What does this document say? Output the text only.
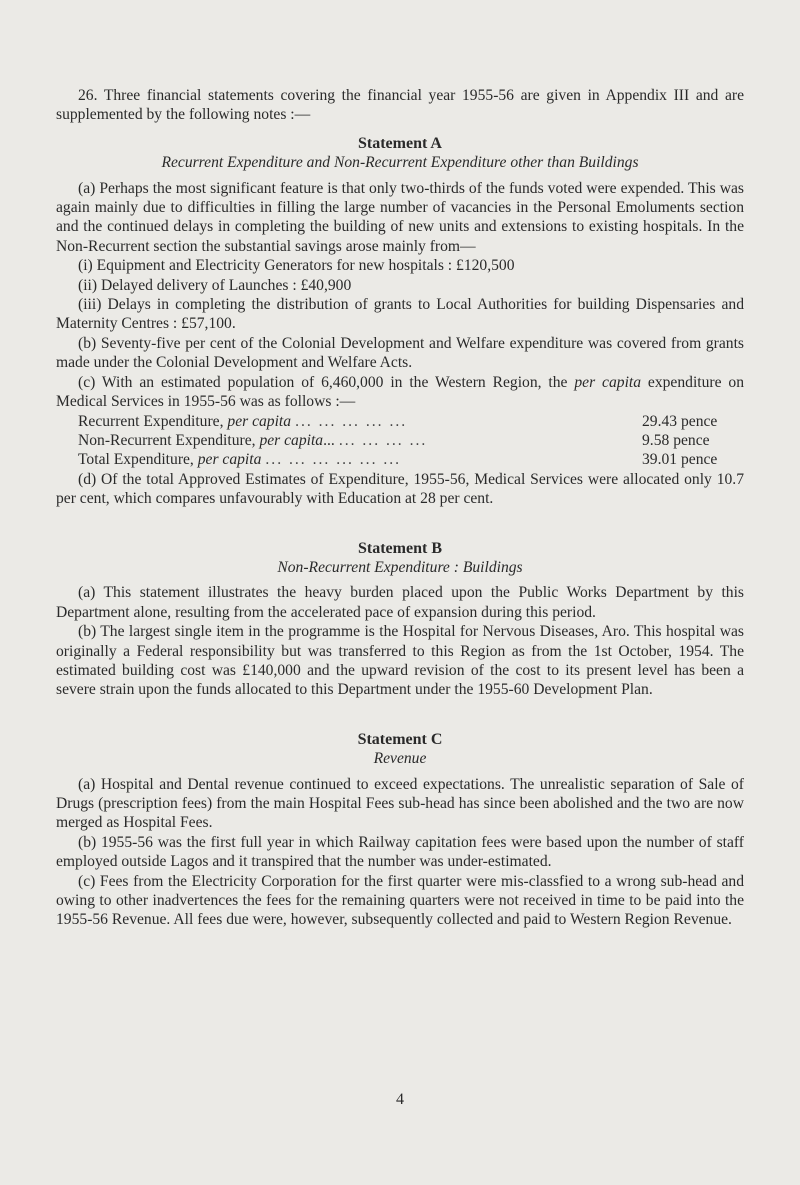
26. Three financial statements covering the financial year 1955-56 are given in Appendix III and are supplemented by the following notes :—

Statement A
Recurrent Expenditure and Non-Recurrent Expenditure other than Buildings

(a) Perhaps the most significant feature is that only two-thirds of the funds voted were expended. This was again mainly due to difficulties in filling the large number of vacancies in the Personal Emoluments section and the continued delays in completing the building of new units and extensions to existing hospitals. In the Non-Recurrent section the substantial savings arose mainly from—

(i) Equipment and Electricity Generators for new hospitals : £120,500

(ii) Delayed delivery of Launches : £40,900

(iii) Delays in completing the distribution of grants to Local Authorities for building Dispensaries and Maternity Centres : £57,100.

(b) Seventy-five per cent of the Colonial Development and Welfare expenditure was covered from grants made under the Colonial Development and Welfare Acts.

(c) With an estimated population of 6,460,000 in the Western Region, the per capita expenditure on Medical Services in 1955-56 was as follows :—

Recurrent Expenditure, per capita ... ... ... ... ...	29.43 pence
Non-Recurrent Expenditure, per capita... ... ... ... ...	9.58 pence
Total Expenditure, per capita ... ... ... ... ... ...	39.01 pence

(d) Of the total Approved Estimates of Expenditure, 1955-56, Medical Services were allocated only 10.7 per cent, which compares unfavourably with Education at 28 per cent.

Statement B
Non-Recurrent Expenditure : Buildings

(a) This statement illustrates the heavy burden placed upon the Public Works Department by this Department alone, resulting from the accelerated pace of expansion during this period.

(b) The largest single item in the programme is the Hospital for Nervous Diseases, Aro. This hospital was originally a Federal responsibility but was transferred to this Region as from the 1st October, 1954. The estimated building cost was £140,000 and the upward revision of the cost to its present level has been a severe strain upon the funds allocated to this Department under the 1955-60 Development Plan.

Statement C
Revenue

(a) Hospital and Dental revenue continued to exceed expectations. The unrealistic separation of Sale of Drugs (prescription fees) from the main Hospital Fees sub-head has since been abolished and the two are now merged as Hospital Fees.

(b) 1955-56 was the first full year in which Railway capitation fees were based upon the number of staff employed outside Lagos and it transpired that the number was under-estimated.

(c) Fees from the Electricity Corporation for the first quarter were mis-classfied to a wrong sub-head and owing to other inadvertences the fees for the remaining quarters were not received in time to be paid into the 1955-56 Revenue. All fees due were, however, subsequently collected and paid to Western Region Revenue.

4
